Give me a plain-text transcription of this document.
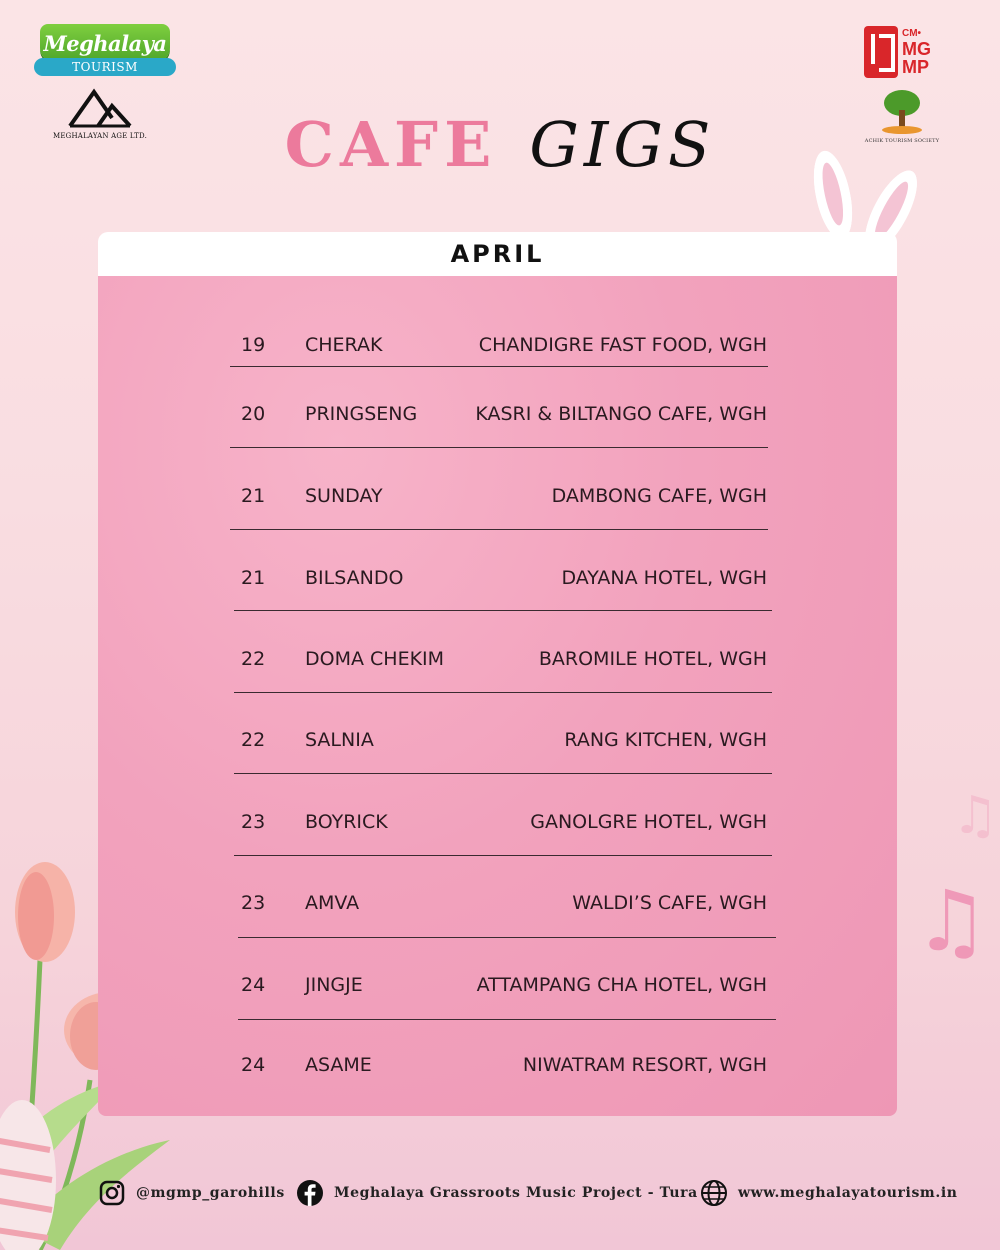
Meghalaya
TOURISM
MEGHALAYAN AGE LTD.
CM•
MG
MP
ACHIK TOURISM SOCIETY
CAFE GIGS
♫
♫
APRIL
19 CHERAK	CHANDIGRE FAST FOOD, WGH
20 PRINGSENG	KASRI & BILTANGO CAFE, WGH
21 SUNDAY	DAMBONG CAFE, WGH
21 BILSANDO	DAYANA HOTEL, WGH
22 DOMA CHEKIM	BAROMILE HOTEL, WGH
22 SALNIA	RANG KITCHEN, WGH
23 BOYRICK	GANOLGRE HOTEL, WGH
23 AMVA	WALDI’S CAFE, WGH
24 JINGJE	ATTAMPANG CHA HOTEL, WGH
24 ASAME	NIWATRAM RESORT, WGH
@mgmp_garohills	Meghalaya Grassroots Music Project - Tura	www.meghalayatourism.in
